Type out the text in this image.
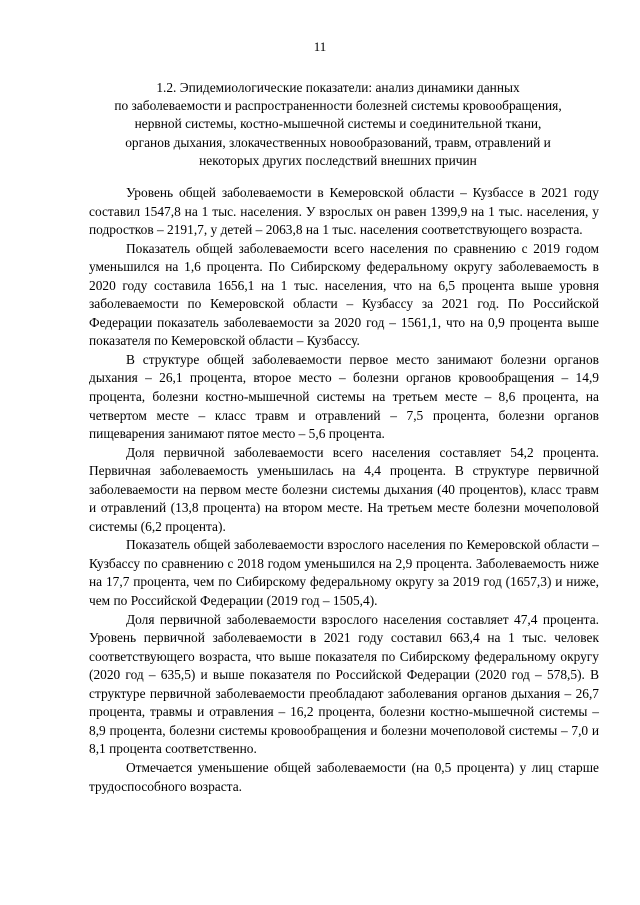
11
1.2. Эпидемиологические показатели: анализ динамики данных
по заболеваемости и распространенности болезней системы кровообращения,
нервной системы, костно-мышечной системы и соединительной ткани,
органов дыхания, злокачественных новообразований, травм, отравлений и
некоторых других последствий внешних причин

Уровень общей заболеваемости в Кемеровской области – Кузбассе в 2021 году составил 1547,8 на 1 тыс. населения. У взрослых он равен 1399,9 на 1 тыс. населения, у подростков – 2191,7, у детей – 2063,8 на 1 тыс. населения соответствующего возраста.

Показатель общей заболеваемости всего населения по сравнению с 2019 годом уменьшился на 1,6 процента. По Сибирскому федеральному округу заболеваемость в 2020 году составила 1656,1 на 1 тыс. населения, что на 6,5 процента выше уровня заболеваемости по Кемеровской области – Кузбассу за 2021 год. По Российской Федерации показатель заболеваемости за 2020 год – 1561,1, что на 0,9 процента выше показателя по Кемеровской области – Кузбассу.

В структуре общей заболеваемости первое место занимают болезни органов дыхания – 26,1 процента, второе место – болезни органов кровообращения – 14,9 процента, болезни костно-мышечной системы на третьем месте – 8,6 процента, на четвертом месте – класс травм и отравлений – 7,5 процента, болезни органов пищеварения занимают пятое место – 5,6 процента.

Доля первичной заболеваемости всего населения составляет 54,2 процента. Первичная заболеваемость уменьшилась на 4,4 процента. В структуре первичной заболеваемости на первом месте болезни системы дыхания (40 процентов), класс травм и отравлений (13,8 процента) на втором месте. На третьем месте болезни мочеполовой системы (6,2 процента).

Показатель общей заболеваемости взрослого населения по Кемеровской области – Кузбассу по сравнению с 2018 годом уменьшился на 2,9 процента. Заболеваемость ниже на 17,7 процента, чем по Сибирскому федеральному округу за 2019 год (1657,3) и ниже, чем по Российской Федерации (2019 год – 1505,4).

Доля первичной заболеваемости взрослого населения составляет 47,4 процента. Уровень первичной заболеваемости в 2021 году составил 663,4 на 1 тыс. человек соответствующего возраста, что выше показателя по Сибирскому федеральному округу (2020 год – 635,5) и выше показателя по Российской Федерации (2020 год – 578,5). В структуре первичной заболеваемости преобладают заболевания органов дыхания – 26,7 процента, травмы и отравления – 16,2 процента, болезни костно-мышечной системы – 8,9 процента, болезни системы кровообращения и болезни мочеполовой системы – 7,0 и 8,1 процента соответственно.

Отмечается уменьшение общей заболеваемости (на 0,5 процента) у лиц старше трудоспособного возраста.
